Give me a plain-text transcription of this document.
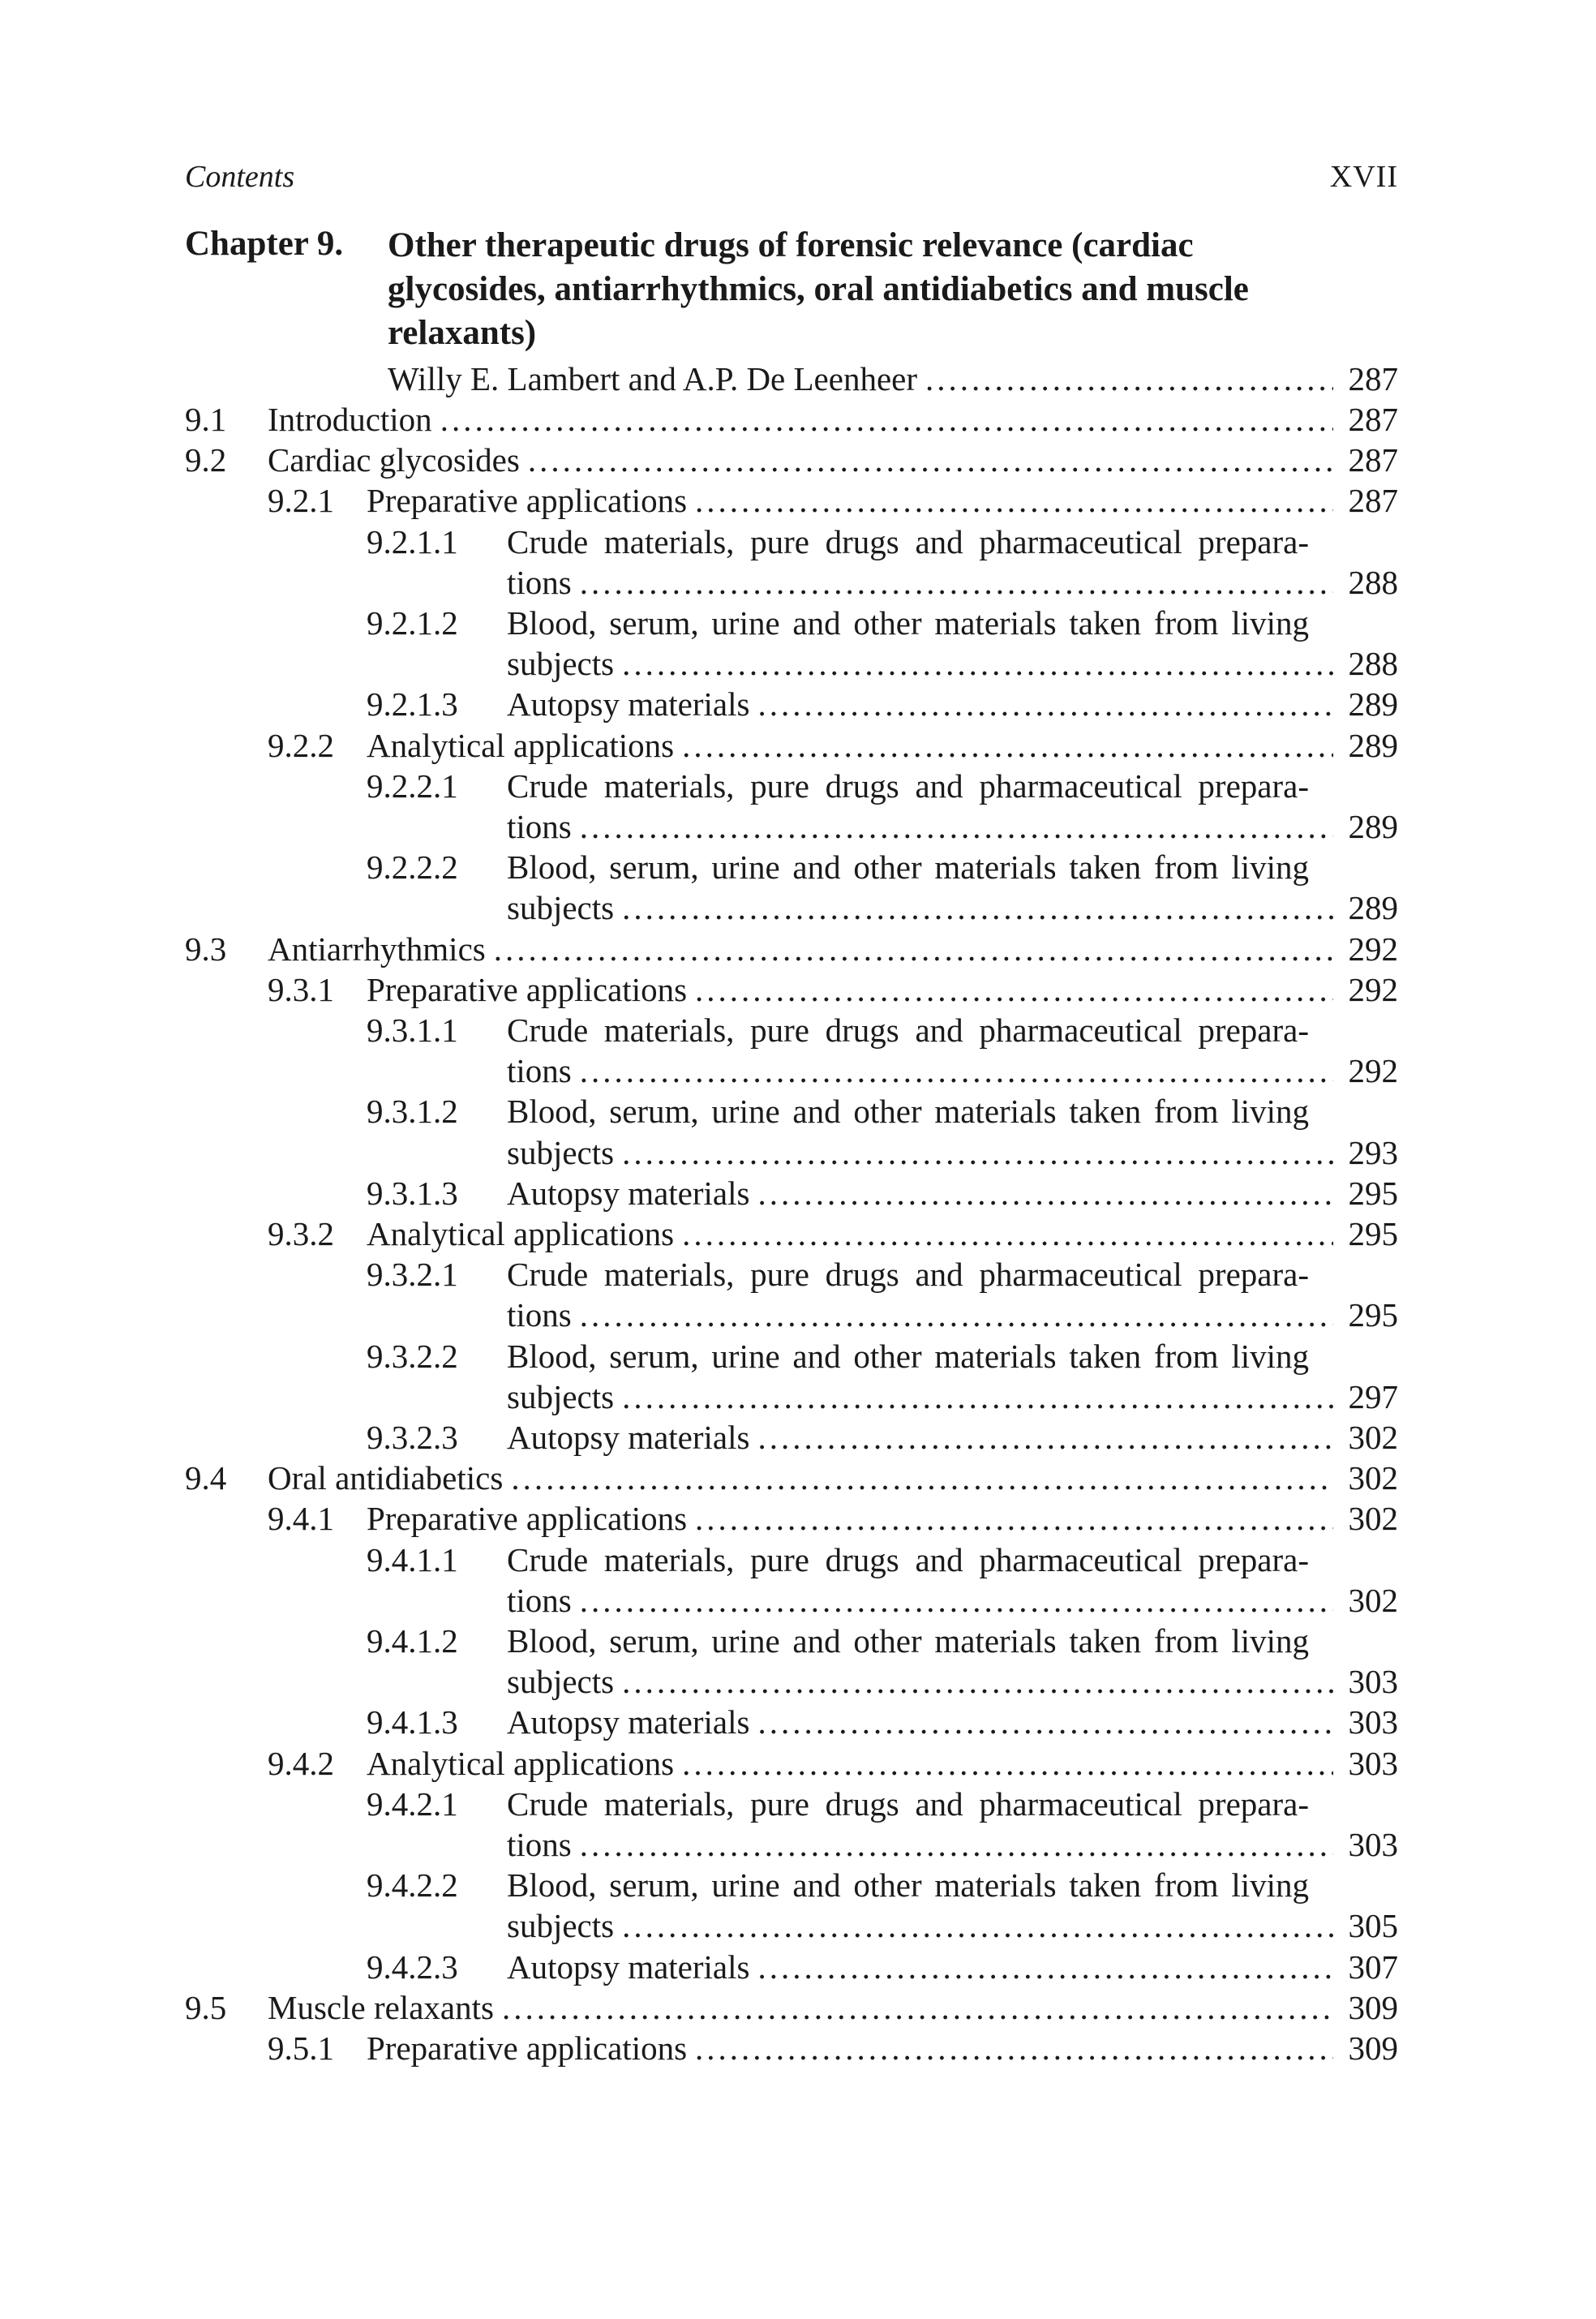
Contents	XVII
Chapter 9. Other therapeutic drugs of forensic relevance (cardiac glycosides, antiarrhythmics, oral antidiabetics and muscle relaxants)
Willy E. Lambert and A.P. De Leenheer .....	287
9.1 Introduction .....	287
9.2 Cardiac glycosides .....	287
9.2.1 Preparative applications .....	287
9.2.1.1 Crude materials, pure drugs and pharmaceutical prepara-
tions .....	288
9.2.1.2 Blood, serum, urine and other materials taken from living
subjects .....	288
9.2.1.3 Autopsy materials .....	289
9.2.2 Analytical applications .....	289
9.2.2.1 Crude materials, pure drugs and pharmaceutical prepara-
tions .....	289
9.2.2.2 Blood, serum, urine and other materials taken from living
subjects .....	289
9.3 Antiarrhythmics .....	292
9.3.1 Preparative applications .....	292
9.3.1.1 Crude materials, pure drugs and pharmaceutical prepara-
tions .....	292
9.3.1.2 Blood, serum, urine and other materials taken from living
subjects .....	293
9.3.1.3 Autopsy materials .....	295
9.3.2 Analytical applications .....	295
9.3.2.1 Crude materials, pure drugs and pharmaceutical prepara-
tions .....	295
9.3.2.2 Blood, serum, urine and other materials taken from living
subjects .....	297
9.3.2.3 Autopsy materials .....	302
9.4 Oral antidiabetics .....	302
9.4.1 Preparative applications .....	302
9.4.1.1 Crude materials, pure drugs and pharmaceutical prepara-
tions .....	302
9.4.1.2 Blood, serum, urine and other materials taken from living
subjects .....	303
9.4.1.3 Autopsy materials .....	303
9.4.2 Analytical applications .....	303
9.4.2.1 Crude materials, pure drugs and pharmaceutical prepara-
tions .....	303
9.4.2.2 Blood, serum, urine and other materials taken from living
subjects .....	305
9.4.2.3 Autopsy materials .....	307
9.5 Muscle relaxants .....	309
9.5.1 Preparative applications .....	309
